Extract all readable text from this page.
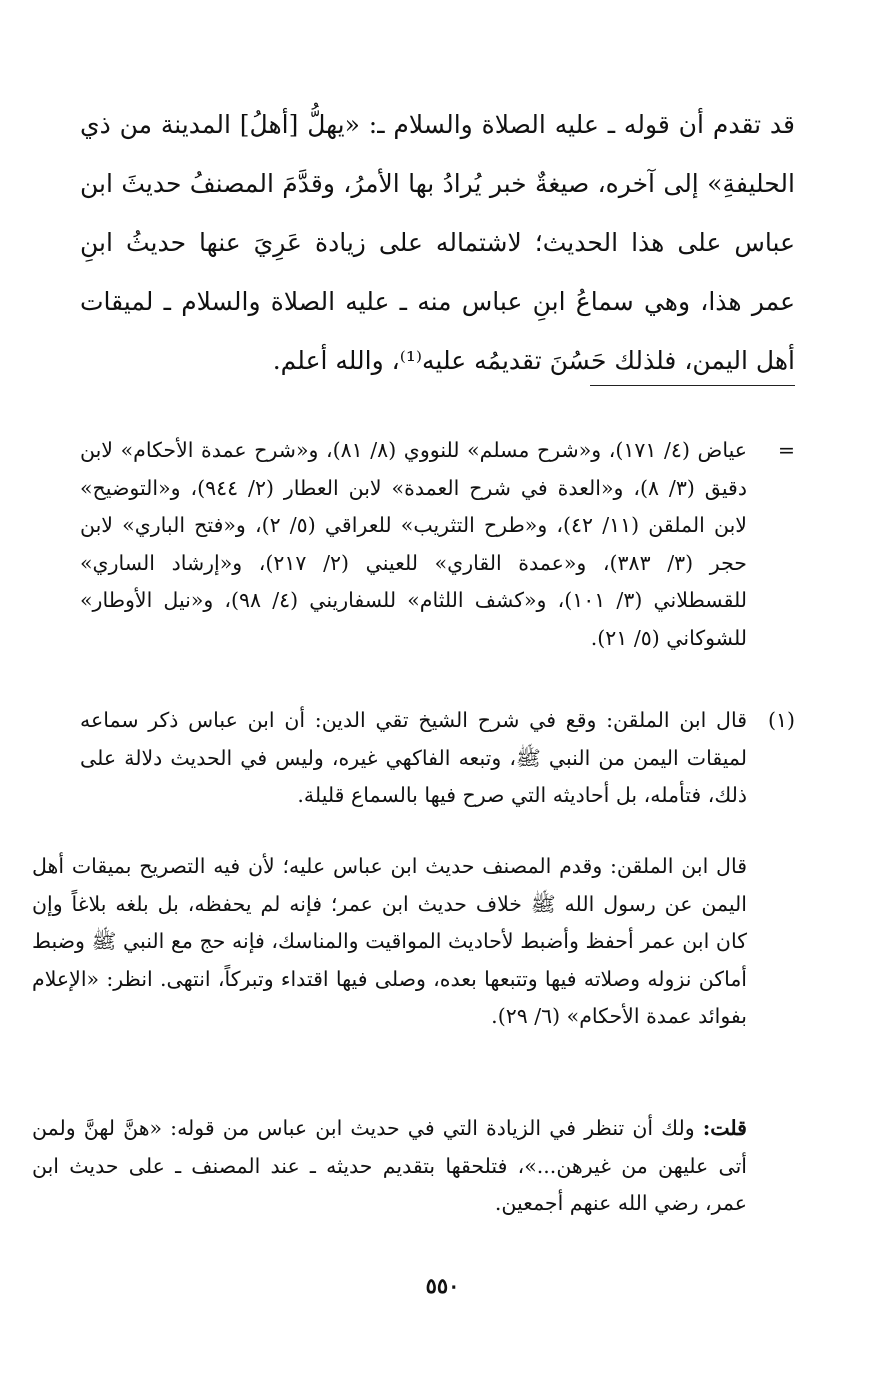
قد تقدم أن قوله ـ عليه الصلاة والسلام ـ: «يهلُّ [أهلُ] المدينة من ذي الحليفةِ» إلى آخره، صيغةٌ خبر يُرادُ بها الأمرُ، وقدَّمَ المصنفُ حديثَ ابن عباس على هذا الحديث؛ لاشتماله على زيادة عَرِيَ عنها حديثُ ابنِ عمر هذا، وهي سماعُ ابنِ عباس منه ـ عليه الصلاة والسلام ـ لميقات أهل اليمن، فلذلك حَسُنَ تقديمُه عليه⁽¹⁾، والله أعلم.

=
عياض (٤/ ١٧١)، و«شرح مسلم» للنووي (٨/ ٨١)، و«شرح عمدة الأحكام» لابن دقيق (٣/ ٨)، و«العدة في شرح العمدة» لابن العطار (٢/ ٩٤٤)، و«التوضيح» لابن الملقن (١١/ ٤٢)، و«طرح التثريب» للعراقي (٥/ ٢)، و«فتح الباري» لابن حجر (٣/ ٣٨٣)، و«عمدة القاري» للعيني (٢/ ٢١٧)، و«إرشاد الساري» للقسطلاني (٣/ ١٠١)، و«كشف اللثام» للسفاريني (٤/ ٩٨)، و«نيل الأوطار» للشوكاني (٥/ ٢١).
(١)
قال ابن الملقن: وقع في شرح الشيخ تقي الدين: أن ابن عباس ذكر سماعه لميقات اليمن من النبي ﷺ، وتبعه الفاكهي غيره، وليس في الحديث دلالة على ذلك، فتأمله، بل أحاديثه التي صرح فيها بالسماع قليلة.

قال ابن الملقن: وقدم المصنف حديث ابن عباس عليه؛ لأن فيه التصريح بميقات أهل اليمن عن رسول الله ﷺ خلاف حديث ابن عمر؛ فإنه لم يحفظه، بل بلغه بلاغاً وإن كان ابن عمر أحفظ وأضبط لأحاديث المواقيت والمناسك، فإنه حج مع النبي ﷺ وضبط أماكن نزوله وصلاته فيها وتتبعها بعده، وصلى فيها اقتداء وتبركاً، انتهى. انظر: «الإعلام بفوائد عمدة الأحكام» (٦/ ٢٩).

قلت: ولك أن تنظر في الزيادة التي في حديث ابن عباس من قوله: «هنَّ لهنَّ ولمن أتى عليهن من غيرهن...»، فتلحقها بتقديم حديثه ـ عند المصنف ـ على حديث ابن عمر، رضي الله عنهم أجمعين.

٥٥٠
